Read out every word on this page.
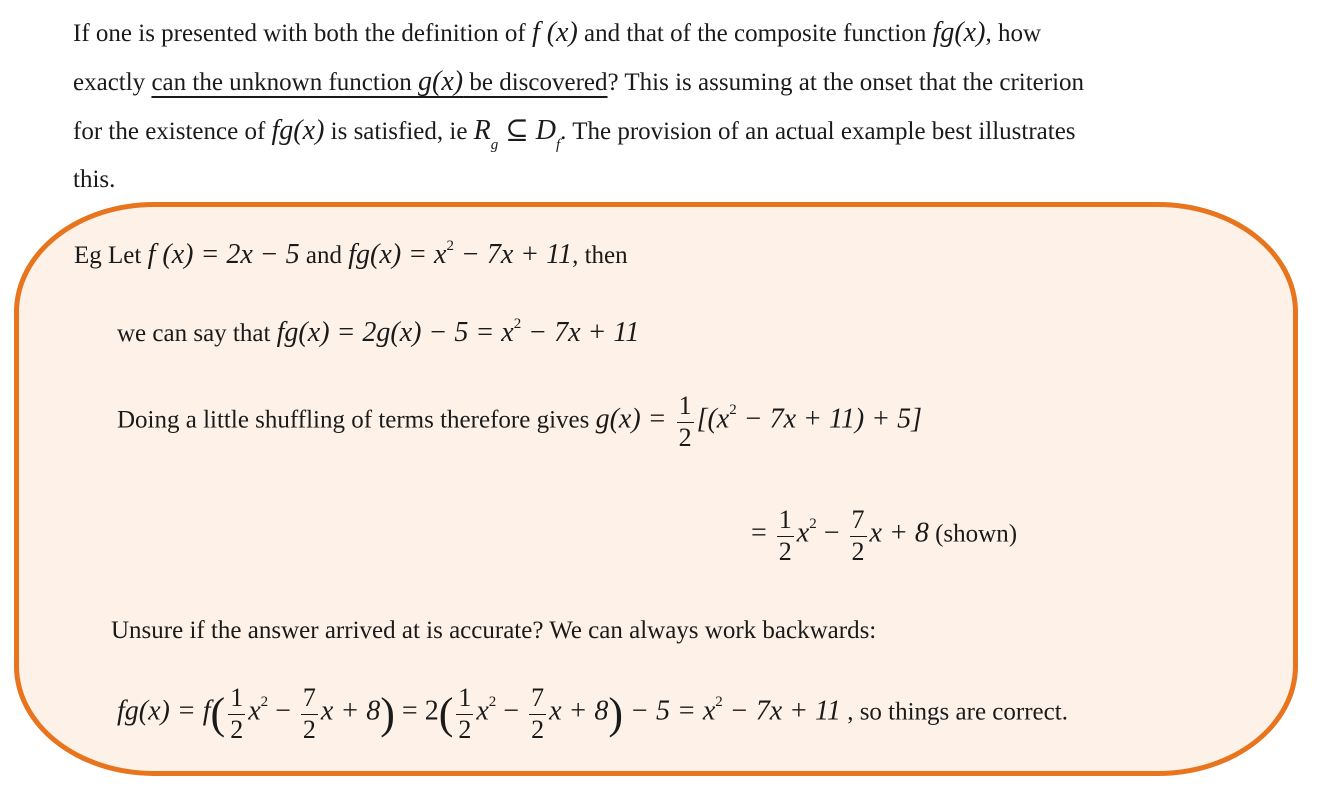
If one is presented with both the definition of f (x) and that of the composite function fg(x), how
exactly can the unknown function g(x) be discovered? This is assuming at the onset that the criterion
for the existence of fg(x) is satisfied, ie $R_g$ ⊆ $D_f$. The provision of an actual example best illustrates
this.
Eg Let f (x) = 2x − 5 and $fg(x) = x^2 - 7x + 11$, then
we can say that $fg(x) = 2g(x) - 5 = x^2 - 7x + 11$
Doing a little shuffling of terms therefore gives $g(x) = \frac{1}{2} [(x^2 - 7x + 11) + 5]$
= $\frac{1}{2} x^2 - \frac{7}{2}$ x + 8 (shown)
Unsure if the answer arrived at is accurate? We can always work backwards:
$fg(x) = f( \frac{1}{2} x^2 - \frac{7}{2}$ $x + 8) = 2( \frac{1}{2} x^2 - \frac{7}{2}$ $x + 8) - 5 = x^2 - 7x + 11$ , so things are correct.
